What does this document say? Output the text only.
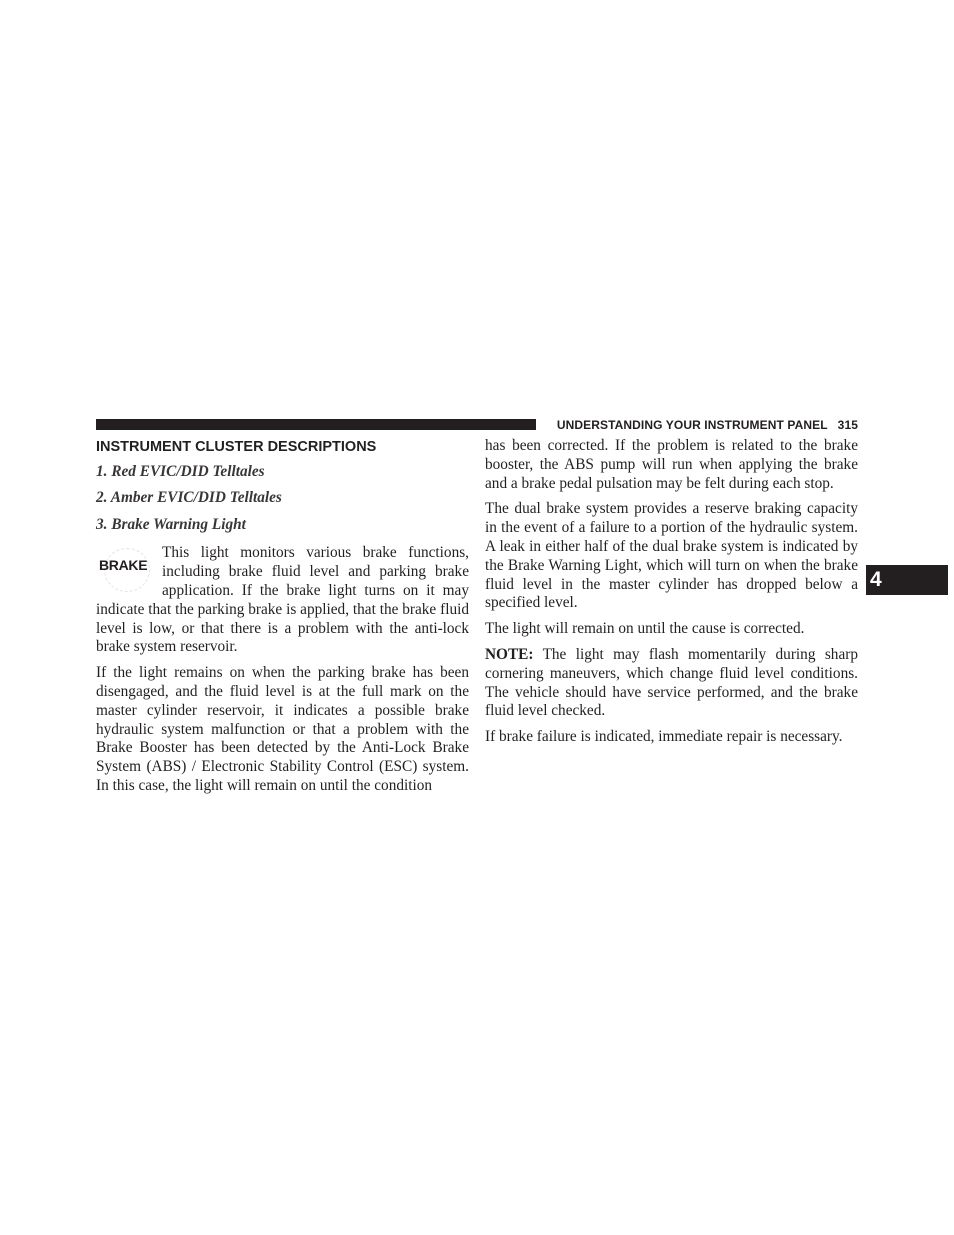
UNDERSTANDING YOUR INSTRUMENT PANEL 315
4
INSTRUMENT CLUSTER DESCRIPTIONS
1. Red EVIC/DID Telltales
2. Amber EVIC/DID Telltales
3. Brake Warning Light

BRAKE
This light monitors various brake functions, including brake fluid level and parking brake application. If the brake light turns on it may indicate that the parking brake is applied, that the brake fluid level is low, or that there is a problem with the anti-lock brake system reservoir.

If the light remains on when the parking brake has been disengaged, and the fluid level is at the full mark on the master cylinder reservoir, it indicates a possible brake hydraulic system malfunction or that a problem with the Brake Booster has been detected by the Anti-Lock Brake System (ABS) / Electronic Stability Control (ESC) system. In this case, the light will remain on until the condition

has been corrected. If the problem is related to the brake booster, the ABS pump will run when applying the brake and a brake pedal pulsation may be felt during each stop.

The dual brake system provides a reserve braking capacity in the event of a failure to a portion of the hydraulic system. A leak in either half of the dual brake system is indicated by the Brake Warning Light, which will turn on when the brake fluid level in the master cylinder has dropped below a specified level.

The light will remain on until the cause is corrected.

NOTE: The light may flash momentarily during sharp cornering maneuvers, which change fluid level conditions. The vehicle should have service performed, and the brake fluid level checked.

If brake failure is indicated, immediate repair is necessary.
